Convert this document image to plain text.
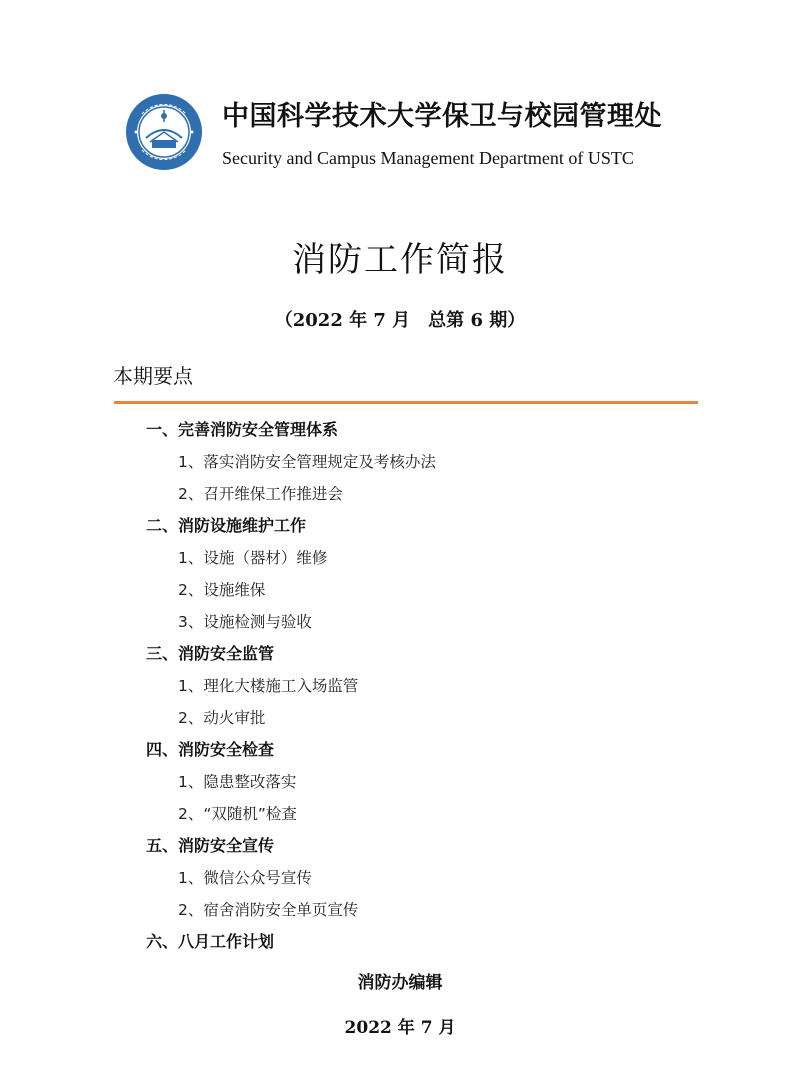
中国科学技术大学保卫与校园管理处
Security and Campus Management Department of USTC
消防工作简报
（2022 年 7 月　总第 6 期）
本期要点
一、完善消防安全管理体系
1、落实消防安全管理规定及考核办法
2、召开维保工作推进会
二、消防设施维护工作
1、设施（器材）维修
2、设施维保
3、设施检测与验收
三、消防安全监管
1、理化大楼施工入场监管
2、动火审批
四、消防安全检查
1、隐患整改落实
2、“双随机”检查
五、消防安全宣传
1、微信公众号宣传
2、宿舍消防安全单页宣传
六、八月工作计划
消防办编辑
2022 年 7 月
